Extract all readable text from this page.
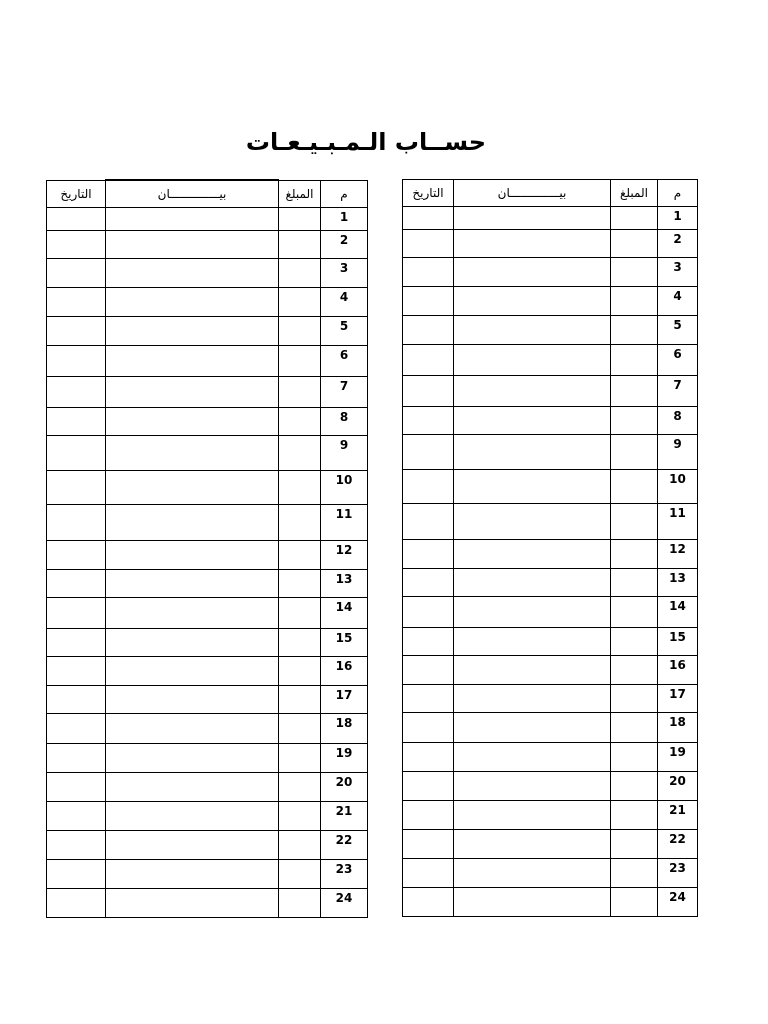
حســاب الـمـبـيـعـات
التاريخ	بيــــــــــــــان	المبلغ	م
			1
			2
			3
			4
			5
			6
			7
			8
			9
			10
			11
			12
			13
			14
			15
			16
			17
			18
			19
			20
			21
			22
			23
			24
التاريخ	بيــــــــــــــان	المبلغ	م
			1
			2
			3
			4
			5
			6
			7
			8
			9
			10
			11
			12
			13
			14
			15
			16
			17
			18
			19
			20
			21
			22
			23
			24
